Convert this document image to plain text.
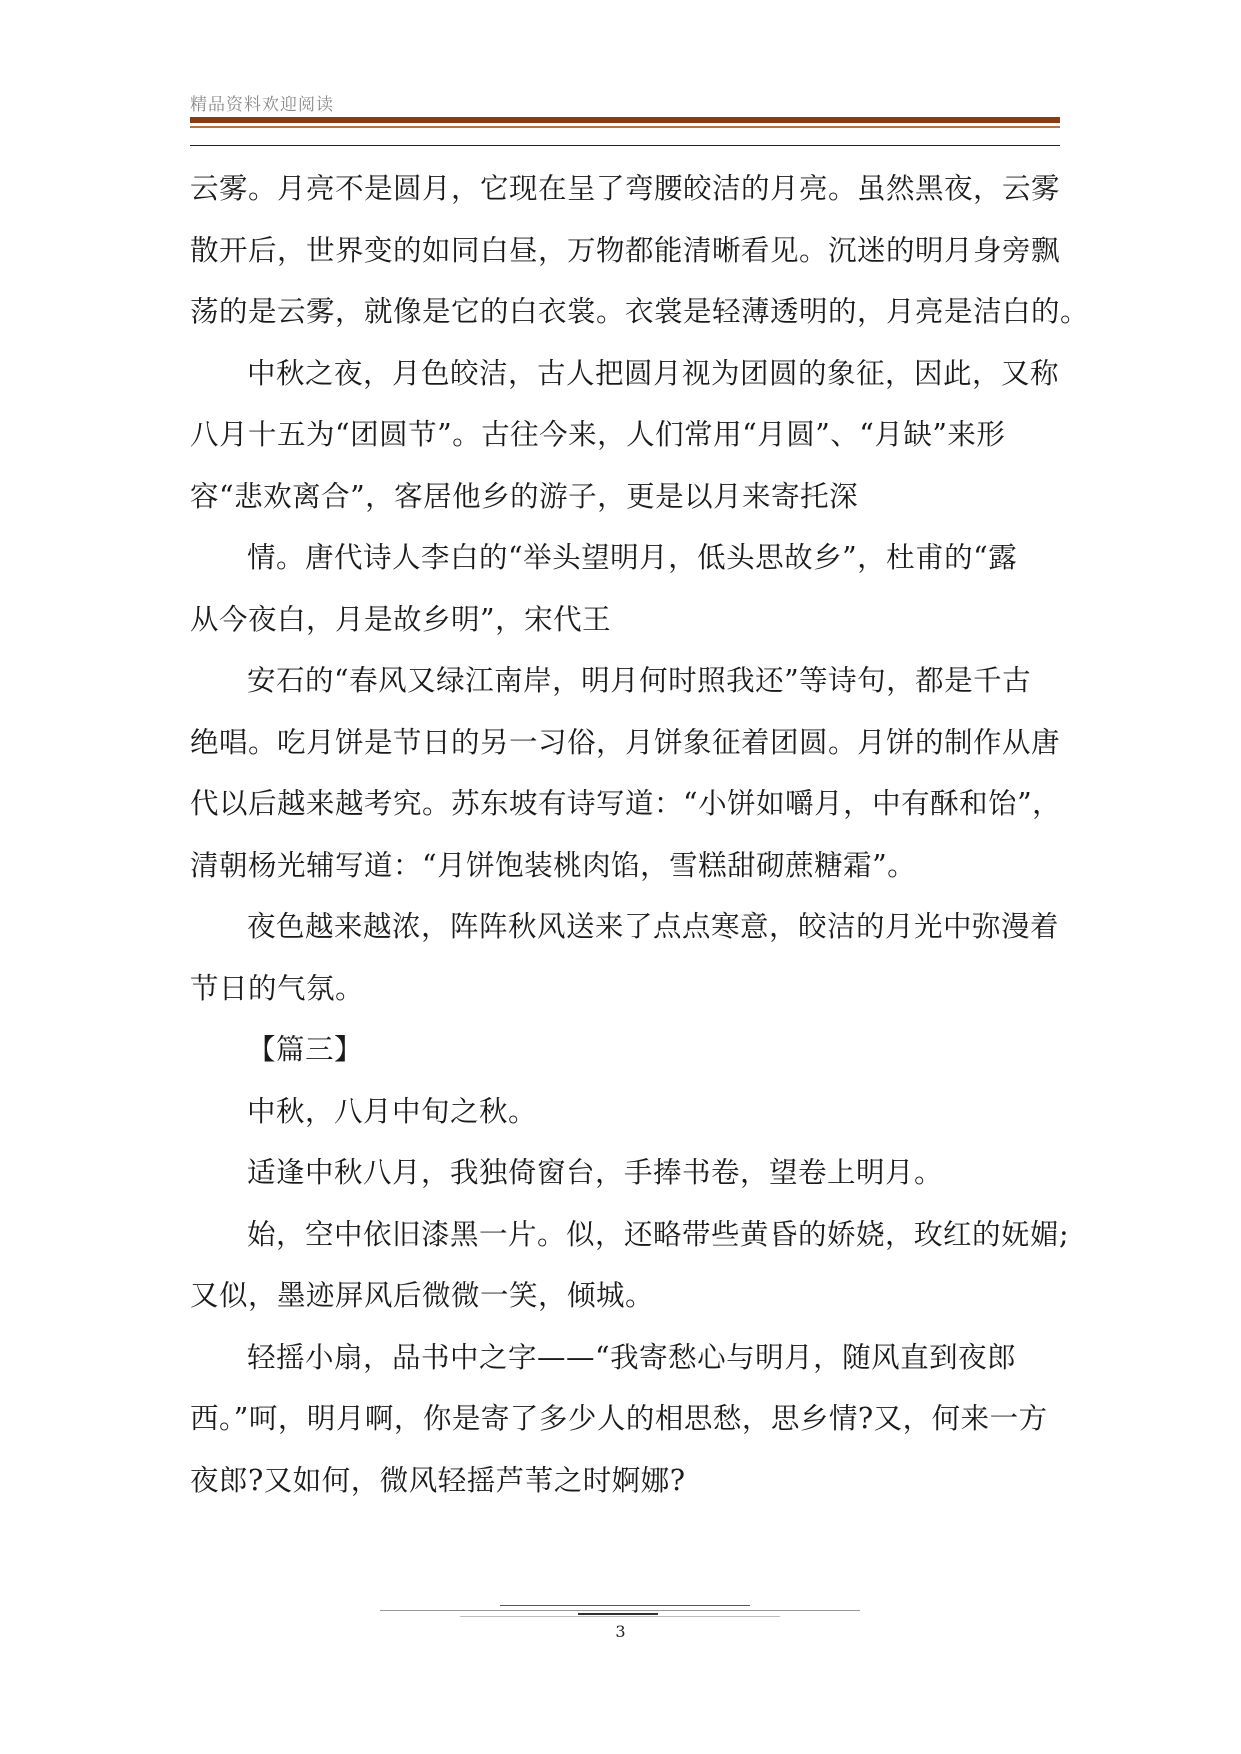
精品资料欢迎阅读
云雾。月亮不是圆月，它现在呈了弯腰皎洁的月亮。虽然黑夜，云雾
散开后，世界变的如同白昼，万物都能清晰看见。沉迷的明月身旁飘
荡的是云雾，就像是它的白衣裳。衣裳是轻薄透明的，月亮是洁白的。
中秋之夜，月色皎洁，古人把圆月视为团圆的象征，因此，又称
八月十五为“团圆节”。古往今来，人们常用“月圆”、“月缺”来形
容“悲欢离合”，客居他乡的游子，更是以月来寄托深
情。唐代诗人李白的“举头望明月，低头思故乡”，杜甫的“露
从今夜白，月是故乡明”，宋代王
安石的“春风又绿江南岸，明月何时照我还”等诗句，都是千古
绝唱。吃月饼是节日的另一习俗，月饼象征着团圆。月饼的制作从唐
代以后越来越考究。苏东坡有诗写道：“小饼如嚼月，中有酥和饴”，
清朝杨光辅写道：“月饼饱装桃肉馅，雪糕甜砌蔗糖霜”。
夜色越来越浓，阵阵秋风送来了点点寒意，皎洁的月光中弥漫着
节日的气氛。
【篇三】
中秋，八月中旬之秋。
适逢中秋八月，我独倚窗台，手捧书卷，望卷上明月。
始，空中依旧漆黑一片。似，还略带些黄昏的娇娆，玫红的妩媚;
又似，墨迹屏风后微微一笑，倾城。
轻摇小扇，品书中之字——“我寄愁心与明月，随风直到夜郎
西。”呵，明月啊，你是寄了多少人的相思愁，思乡情?又，何来一方
夜郎?又如何，微风轻摇芦苇之时婀娜?
3
